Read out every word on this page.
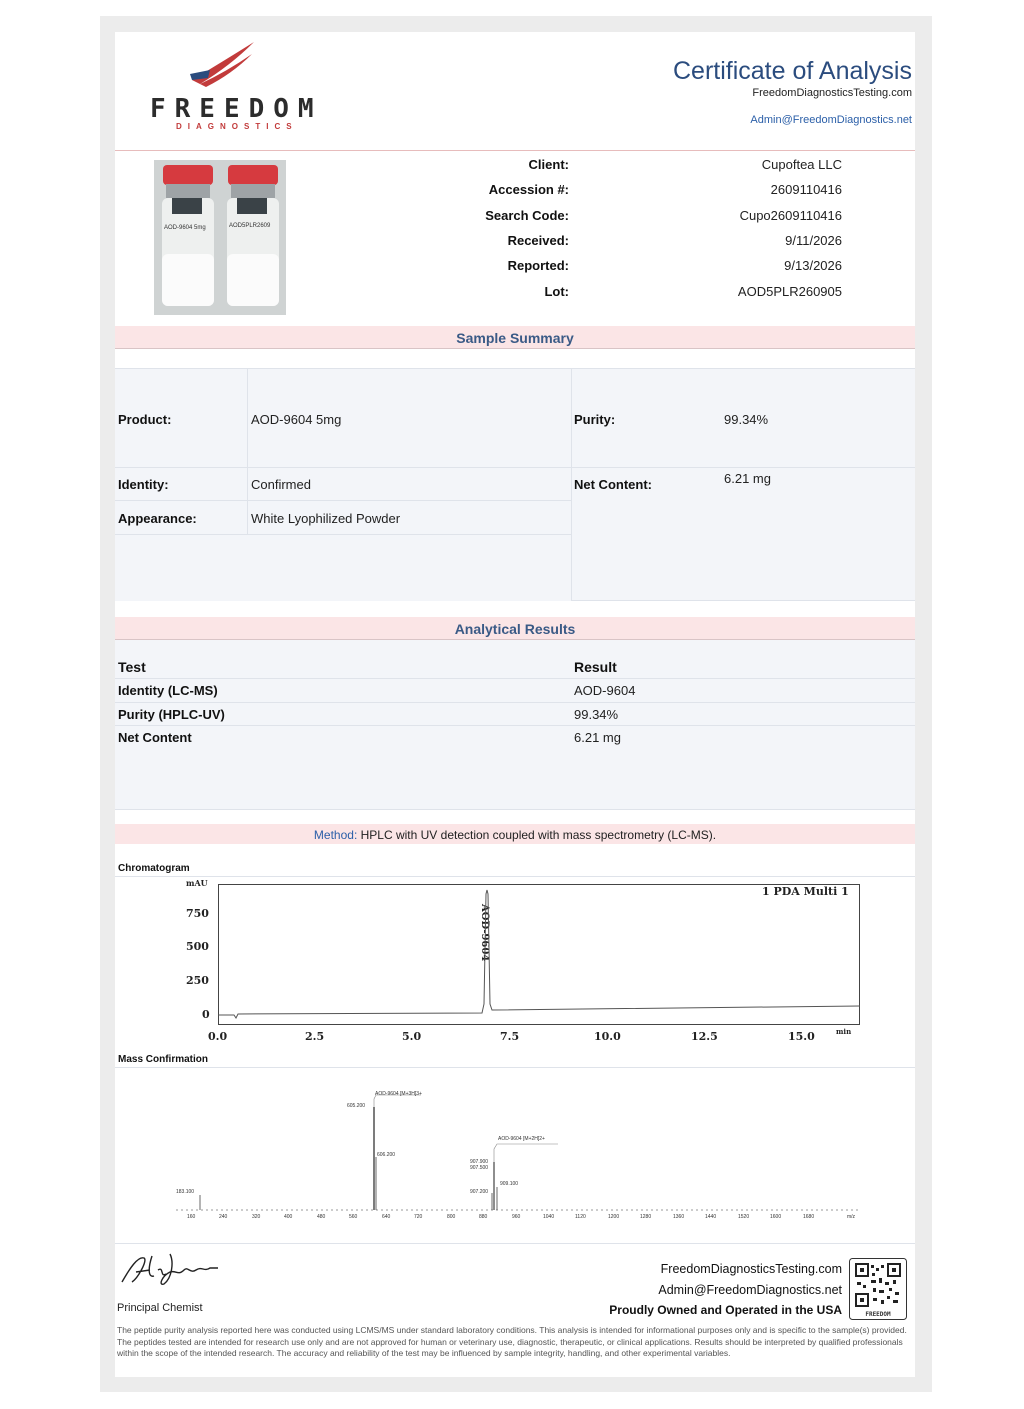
FREEDOM
DIAGNOSTICS
Certificate of Analysis
FreedomDiagnosticsTesting.com
Admin@FreedomDiagnostics.net
AOD-9604 5mg	AOD5PLR2609
Client:	Cupoftea LLC
Accession #:	2609110416
Search Code:	Cupo2609110416
Received:	9/11/2026
Reported:	9/13/2026
Lot:	AOD5PLR260905
Sample Summary
Product:	AOD-9604 5mg
Identity:	Confirmed
Appearance:	White Lyophilized Powder
Purity:	99.34%
Net Content:	6.21 mg
Analytical Results
Test	Result
Identity (LC-MS)	AOD-9604
Purity (HPLC-UV)	99.34%
Net Content	6.21 mg
Method: HPLC with UV detection coupled with mass spectrometry (LC-MS).
Chromatogram
mAU
750
500
250
0
0.0	2.5	5.0	7.5	10.0	12.5	15.0	min
1 PDA Multi 1
AOD-9604
Mass Confirmation
AOD-9604 [M+3H]3+
AOD-9604 [M+2H]2+
605.200
606.200
907.900
907.500
909.100
907.200
183.100
160	240	320	400	480	560	640	720	800	880	960	1040	1120	1200	1280	1360	1440	1520	1600	1680	m/z
Principal Chemist
FreedomDiagnosticsTesting.com
Admin@FreedomDiagnostics.net
Proudly Owned and Operated in the USA	FREEDOM
The peptide purity analysis reported here was conducted using LCMS/MS under standard laboratory conditions. This analysis is intended for informational purposes only and is specific to the sample(s) provided. The peptides tested are intended for research use only and are not approved for human or veterinary use, diagnostic, therapeutic, or clinical applications. Results should be interpreted by qualified professionals within the scope of the intended research. The accuracy and reliability of the test may be influenced by sample integrity, handling, and other experimental variables.
